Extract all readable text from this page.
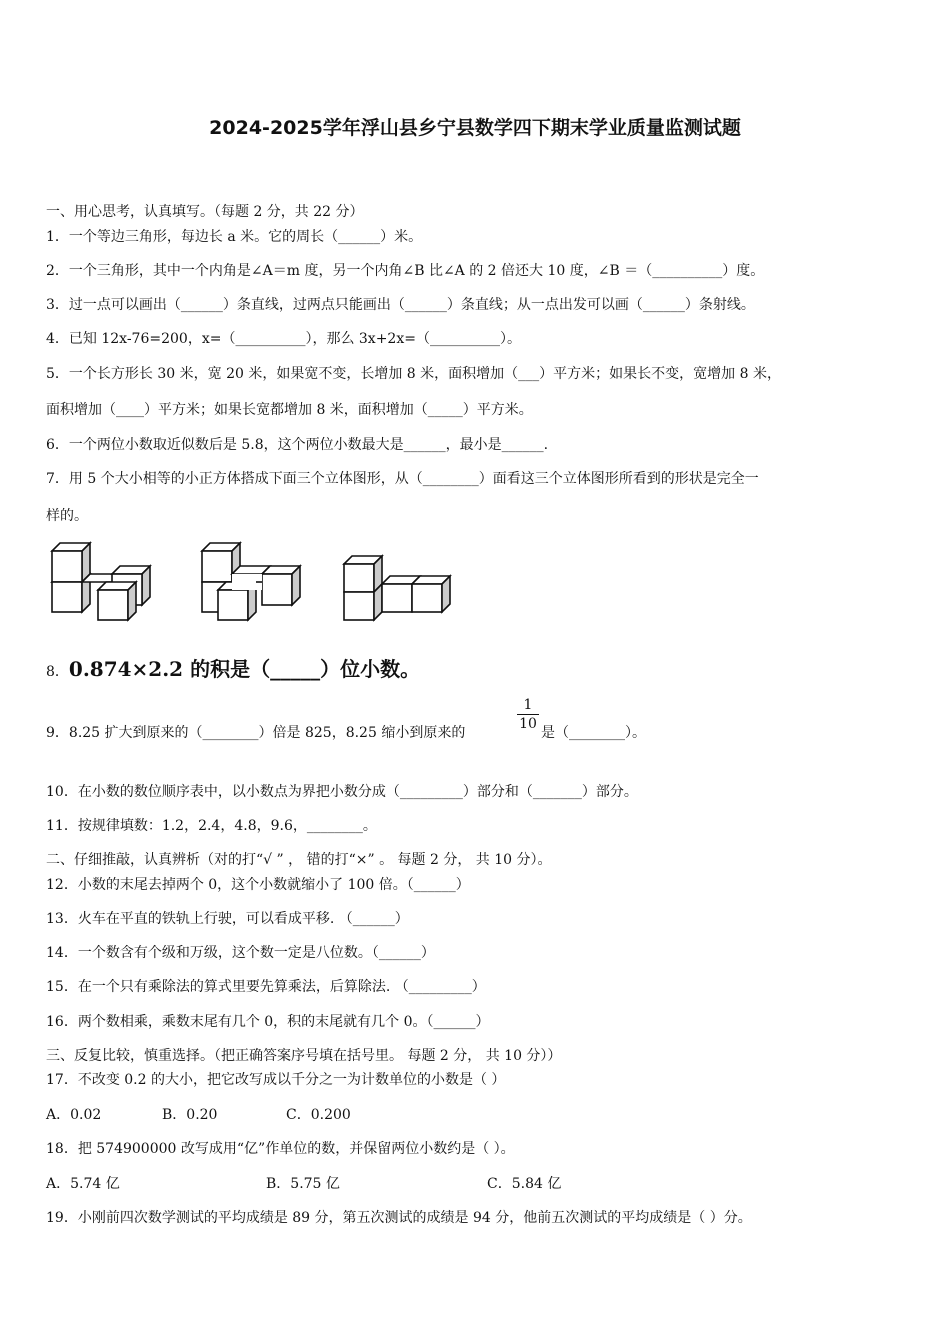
2024-2025学年浮山县乡宁县数学四下期末学业质量监测试题
一、用心思考，认真填写。（每题 2 分，共 22 分）
1．一个等边三角形，每边长 a 米。它的周长（______）米。
2．一个三角形，其中一个内角是∠A＝m 度，另一个内角∠B 比∠A 的 2 倍还大 10 度，∠B ＝（__________）度。
3．过一点可以画出（______）条直线，过两点只能画出（______）条直线；从一点出发可以画（______）条射线。
4．已知 12x-76=200，x=（__________），那么 3x+2x=（__________）。
5．一个长方形长 30 米，宽 20 米，如果宽不变，长增加 8 米，面积增加（___）平方米；如果长不变，宽增加 8 米，
面积增加（____）平方米；如果长宽都增加 8 米，面积增加（_____）平方米。
6．一个两位小数取近似数后是 5.8，这个两位小数最大是______，最小是______.
7．用 5 个大小相等的小正方体搭成下面三个立体图形，从（________）面看这三个立体图形所看到的形状是完全一
样的。
8．0.874×2.2 的积是（_____）位小数。
9．8.25 扩大到原来的（________）倍是 825，8.25 缩小到原来的
1
10
是（________）。
10．在小数的数位顺序表中，以小数点为界把小数分成（_________）部分和（_______）部分。
11．按规律填数：1.2，2.4，4.8，9.6，________。
二、仔细推敲，认真辨析（对的打“√ ” ， 错的打“×” 。 每题 2 分， 共 10 分）。
12．小数的末尾去掉两个 0，这个小数就缩小了 100 倍。（______）
13．火车在平直的铁轨上行驶，可以看成平移. （______）
14．一个数含有个级和万级，这个数一定是八位数。（______）
15．在一个只有乘除法的算式里要先算乘法，后算除法. （_________）
16．两个数相乘，乘数末尾有几个 0，积的末尾就有几个 0。（______）
三、反复比较，慎重选择。（把正确答案序号填在括号里。 每题 2 分， 共 10 分））
17．不改变 0.2 的大小，把它改写成以千分之一为计数单位的小数是（ ）
A．0.02	B．0.20	C．0.200
18．把 574900000 改写成用“亿”作单位的数，并保留两位小数约是（ ）。
A．5.74 亿	B．5.75 亿	C．5.84 亿
19．小刚前四次数学测试的平均成绩是 89 分，第五次测试的成绩是 94 分，他前五次测试的平均成绩是（ ）分。
